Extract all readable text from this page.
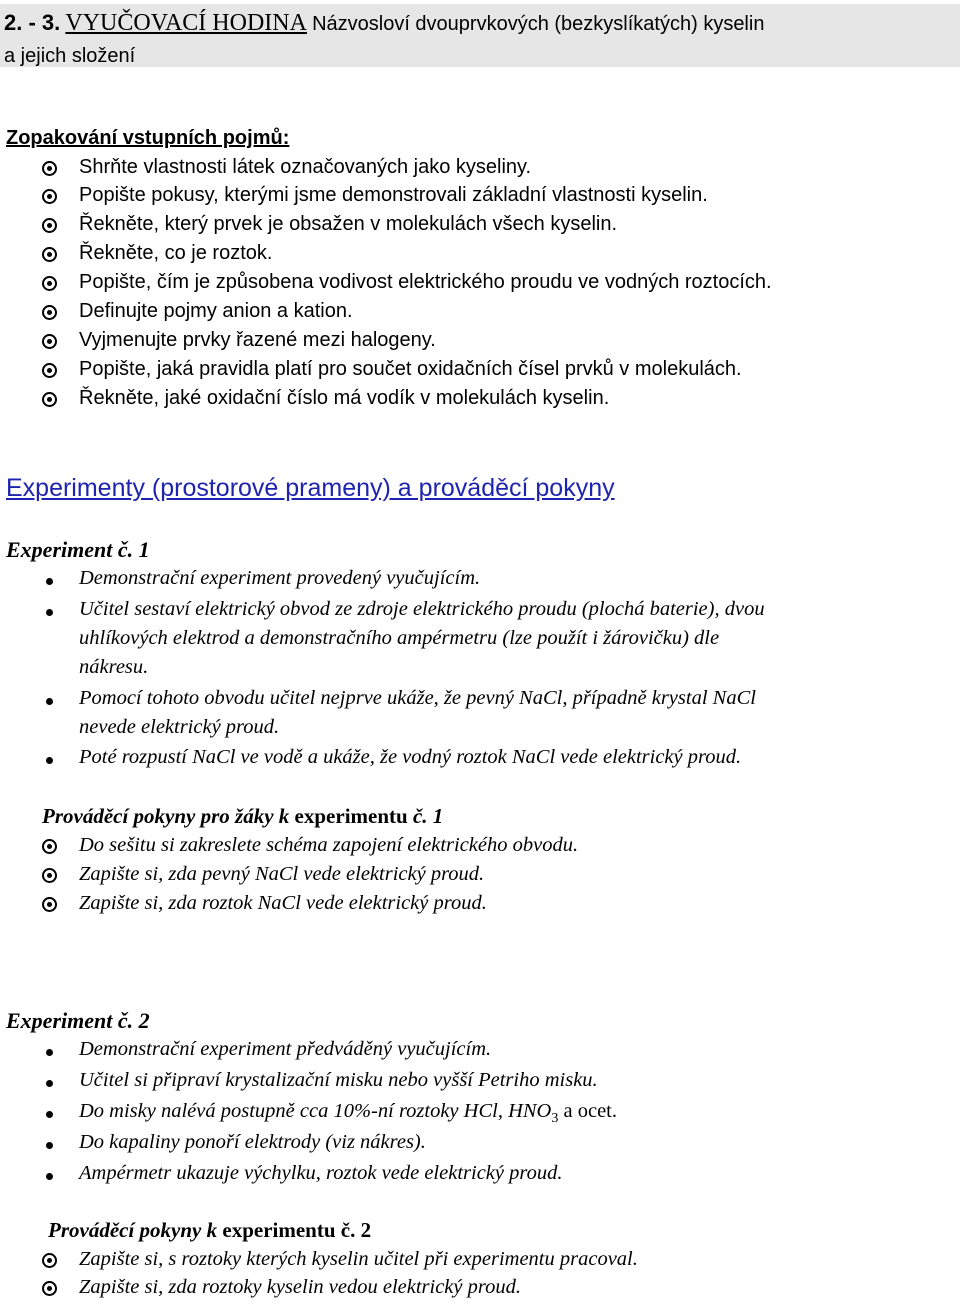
2. - 3. VYUČOVACÍ HODINA Názvosloví dvouprvkových (bezkyslíkatých) kyselin
a jejich složení
Zopakování vstupních pojmů:
Shrňte vlastnosti látek označovaných jako kyseliny.
Popište pokusy, kterými jsme demonstrovali základní vlastnosti kyselin.
Řekněte, který prvek je obsažen v molekulách všech kyselin.
Řekněte, co je roztok.
Popište, čím je způsobena vodivost elektrického proudu ve vodných roztocích.
Definujte pojmy anion a kation.
Vyjmenujte prvky řazené mezi halogeny.
Popište, jaká pravidla platí pro součet oxidačních čísel prvků v molekulách.
Řekněte, jaké oxidační číslo má vodík v molekulách kyselin.
Experimenty (prostorové prameny) a prováděcí pokyny
Experiment č. 1
Demonstrační experiment provedený vyučujícím.
Učitel sestaví elektrický obvod ze zdroje elektrického proudu (plochá baterie), dvou
uhlíkových elektrod a demonstračního ampérmetru (lze použít i žárovičku) dle
nákresu.
Pomocí tohoto obvodu učitel nejprve ukáže, že pevný NaCl, případně krystal NaCl
nevede elektrický proud.
Poté rozpustí NaCl ve vodě a ukáže, že vodný roztok NaCl vede elektrický proud.
Prováděcí pokyny pro žáky k experimentu č. 1
Do sešitu si zakreslete schéma zapojení elektrického obvodu.
Zapište si, zda pevný NaCl vede elektrický proud.
Zapište si, zda roztok NaCl vede elektrický proud.
Experiment č. 2
Demonstrační experiment předváděný vyučujícím.
Učitel si připraví krystalizační misku nebo vyšší Petriho misku.
Do misky nalévá postupně cca 10%-ní roztoky HCl, $HNO_3$ a ocet.
Do kapaliny ponoří elektrody (viz nákres).
Ampérmetr ukazuje výchylku, roztok vede elektrický proud.
Prováděcí pokyny k experimentu č. 2
Zapište si, s roztoky kterých kyselin učitel při experimentu pracoval.
Zapište si, zda roztoky kyselin vedou elektrický proud.
